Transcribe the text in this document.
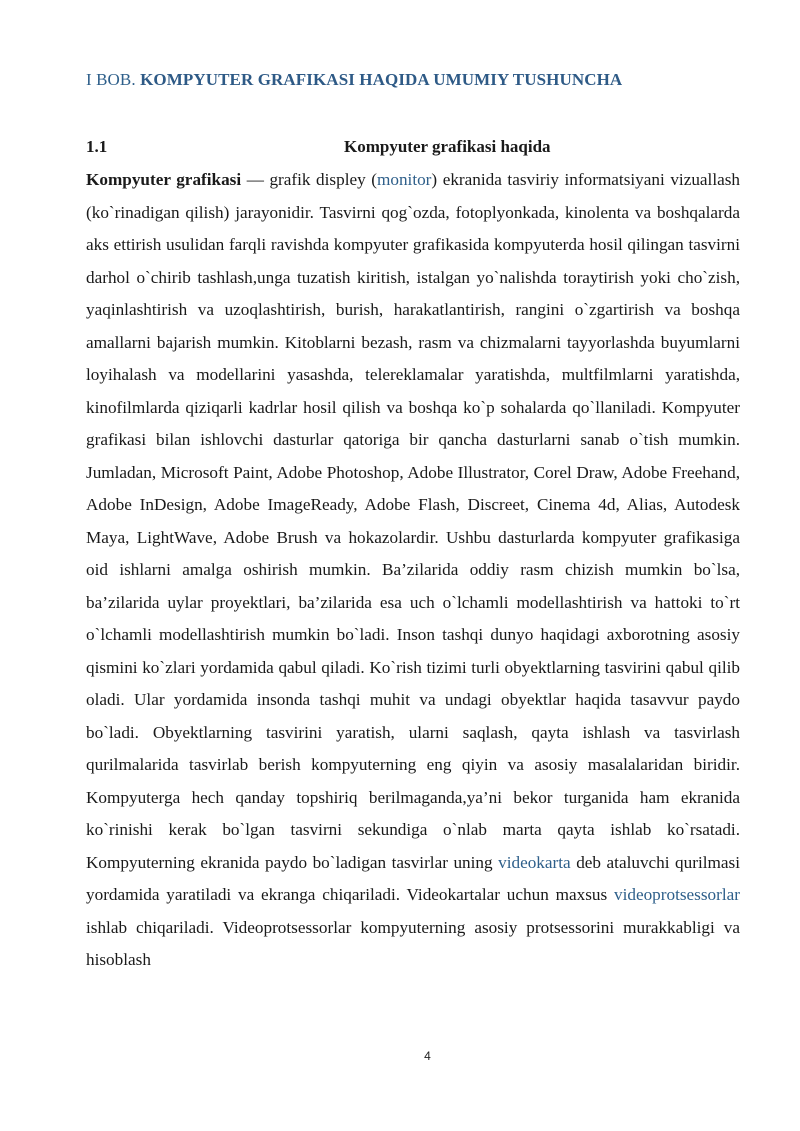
I BOB. KOMPYUTER GRAFIKASI HAQIDA UMUMIY TUSHUNCHA
1.1	Kompyuter grafikasi haqida
Kompyuter grafikasi — grafik displey (monitor) ekranida tasviriy informatsiyani vizuallash (ko`rinadigan qilish) jarayonidir. Tasvirni qog`ozda, fotoplyonkada, kinolenta va boshqalarda aks ettirish usulidan farqli ravishda kompyuter grafikasida kompyuterda hosil qilingan tasvirni darhol o`chirib tashlash,unga tuzatish kiritish, istalgan yo`nalishda toraytirish yoki cho`zish, yaqinlashtirish va uzoqlashtirish, burish, harakatlantirish, rangini o`zgartirish va boshqa amallarni bajarish mumkin. Kitoblarni bezash, rasm va chizmalarni tayyorlashda buyumlarni loyihalash va modellarini yasashda, telereklamalar yaratishda, multfilmlarni yaratishda, kinofilmlarda qiziqarli kadrlar hosil qilish va boshqa ko`p sohalarda qo`llaniladi. Kompyuter grafikasi bilan ishlovchi dasturlar qatoriga bir qancha dasturlarni sanab o`tish mumkin. Jumladan, Microsoft Paint, Adobe Photoshop, Adobe Illustrator, Corel Draw, Adobe Freehand, Adobe InDesign, Adobe ImageReady, Adobe Flash, Discreet, Cinema 4d, Alias, Autodesk Maya, LightWave, Adobe Brush va hokazolardir. Ushbu dasturlarda kompyuter grafikasiga oid ishlarni amalga oshirish mumkin. Ba’zilarida oddiy rasm chizish mumkin bo`lsa, ba’zilarida uylar proyektlari, ba’zilarida esa uch o`lchamli modellashtirish va hattoki to`rt o`lchamli modellashtirish mumkin bo`ladi. Inson tashqi dunyo haqidagi axborotning asosiy qismini ko`zlari yordamida qabul qiladi. Ko`rish tizimi turli obyektlarning tasvirini qabul qilib oladi. Ular yordamida insonda tashqi muhit va undagi obyektlar haqida tasavvur paydo bo`ladi. Obyektlarning tasvirini yaratish, ularni saqlash, qayta ishlash va tasvirlash qurilmalarida tasvirlab berish kompyuterning eng qiyin va asosiy masalalaridan biridir. Kompyuterga hech qanday topshiriq berilmaganda,ya’ni bekor turganida ham ekranida ko`rinishi kerak bo`lgan tasvirni sekundiga o`nlab marta qayta ishlab ko`rsatadi. Kompyuterning ekranida paydo bo`ladigan tasvirlar uning videokarta deb ataluvchi qurilmasi yordamida yaratiladi va ekranga chiqariladi. Videokartalar uchun maxsus videoprotsessorlar ishlab chiqariladi. Videoprotsessorlar kompyuterning asosiy protsessorini murakkabligi va hisoblash
4
